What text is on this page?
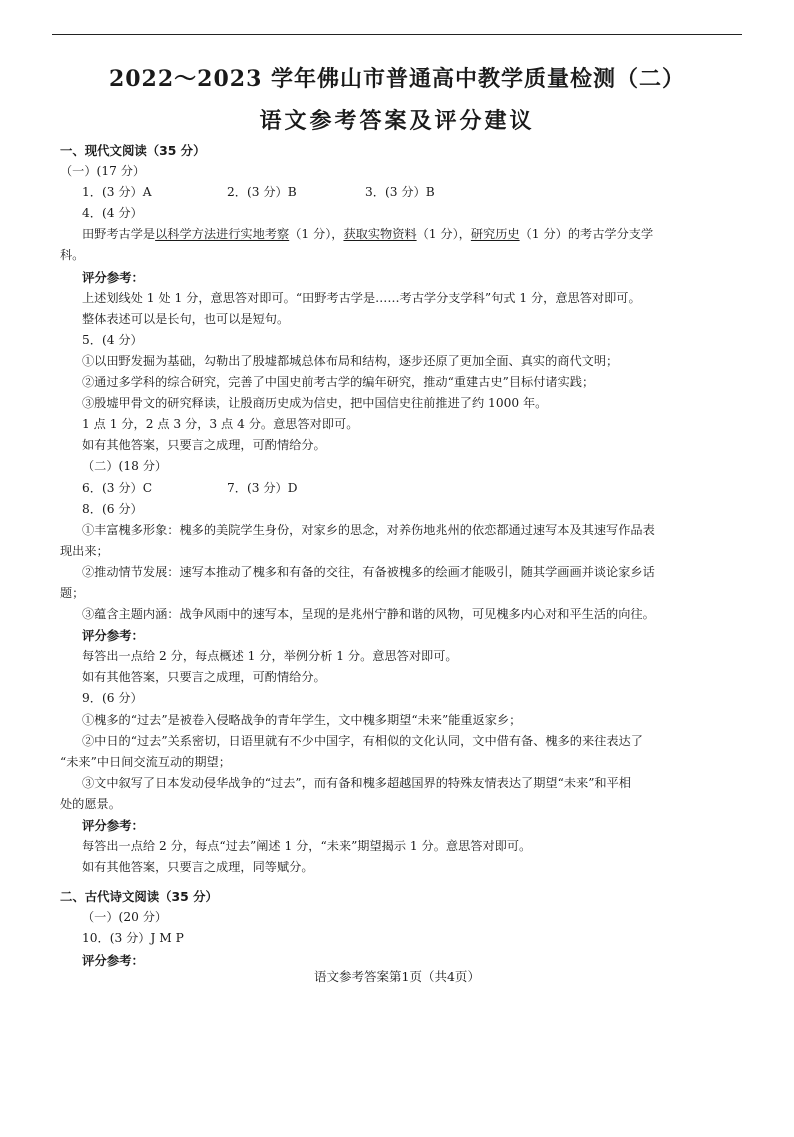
2022～2023 学年佛山市普通高中教学质量检测（二）
语文参考答案及评分建议
一、现代文阅读（35 分）
（一）(17 分）
1．(3 分）A	2．(3 分）B	3．(3 分）B
4．(4 分）
田野考古学是以科学方法进行实地考察（1 分），获取实物资料（1 分），研究历史（1 分）的考古学分支学
科。
评分参考：
上述划线处 1 处 1 分，意思答对即可。“田野考古学是……考古学分支学科”句式 1 分，意思答对即可。
整体表述可以是长句，也可以是短句。
5．(4 分）
①以田野发掘为基础，勾勒出了殷墟都城总体布局和结构，逐步还原了更加全面、真实的商代文明；
②通过多学科的综合研究，完善了中国史前考古学的编年研究，推动“重建古史”目标付诸实践；
③殷墟甲骨文的研究释读，让殷商历史成为信史，把中国信史往前推进了约 1000 年。
1 点 1 分，2 点 3 分，3 点 4 分。意思答对即可。
如有其他答案，只要言之成理，可酌情给分。
（二）(18 分）
6．(3 分）C	7．(3 分）D
8．(6 分）
①丰富槐多形象：槐多的美院学生身份，对家乡的思念，对养伤地兆州的依恋都通过速写本及其速写作品表
现出来；
②推动情节发展：速写本推动了槐多和有备的交往，有备被槐多的绘画才能吸引，随其学画画并谈论家乡话
题；
③蕴含主题内涵：战争风雨中的速写本，呈现的是兆州宁静和谐的风物，可见槐多内心对和平生活的向往。
评分参考：
每答出一点给 2 分，每点概述 1 分，举例分析 1 分。意思答对即可。
如有其他答案，只要言之成理，可酌情给分。
9．(6 分）
①槐多的“过去”是被卷入侵略战争的青年学生，文中槐多期望“未来”能重返家乡；
②中日的“过去”关系密切，日语里就有不少中国字，有相似的文化认同，文中借有备、槐多的来往表达了
“未来”中日间交流互动的期望；
③文中叙写了日本发动侵华战争的“过去”，而有备和槐多超越国界的特殊友情表达了期望“未来”和平相
处的愿景。
评分参考：
每答出一点给 2 分，每点“过去”阐述 1 分，“未来”期望揭示 1 分。意思答对即可。
如有其他答案，只要言之成理，同等赋分。
二、古代诗文阅读（35 分）
（一）(20 分）
10．(3 分）J M P
评分参考：
语文参考答案第1页（共4页）
